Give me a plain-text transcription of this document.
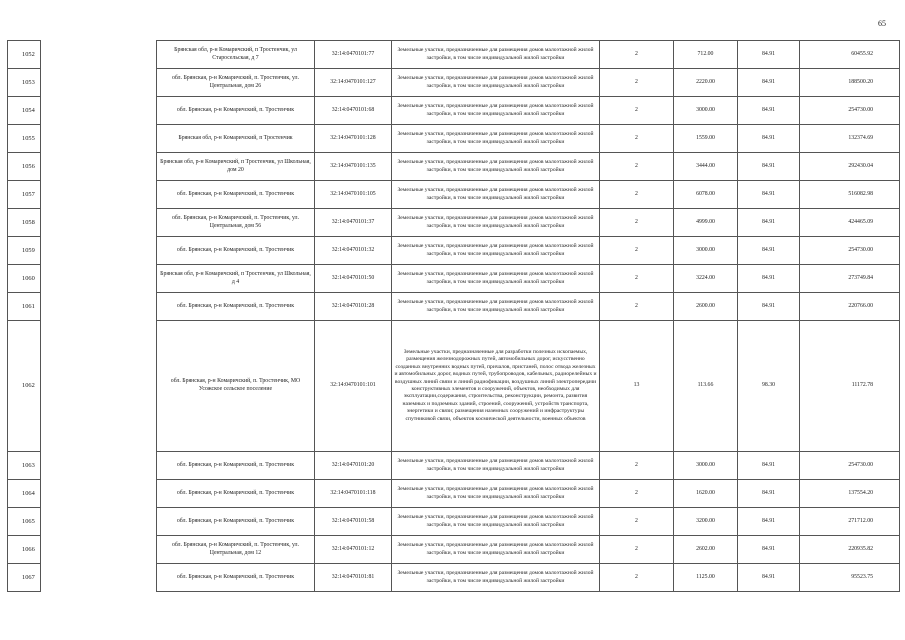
65
1052		Брянская обл, р-н Комаричский, п Тростенчик, ул Старосельская, д 7	32:14:0470101:77	Земельные участки, предназначенные для размещения домов малоэтажной жилой застройки, в том числе индивидуальной жилой застройки	2	712.00	84.91	60455.92
1053		обл. Брянская, р-н Комаричский, п. Тростенчик, ул. Центральная, дом 26	32:14:0470101:127	Земельные участки, предназначенные для размещения домов малоэтажной жилой застройки, в том числе индивидуальной жилой застройки	2	2220.00	84.91	188500.20
1054		обл. Брянская, р-н Комаричский, п. Тростенчик	32:14:0470101:68	Земельные участки, предназначенные для размещения домов малоэтажной жилой застройки, в том числе индивидуальной жилой застройки	2	3000.00	84.91	254730.00
1055		Брянская обл, р-н Комаричский, п Тростенчик	32:14:0470101:128	Земельные участки, предназначенные для размещения домов малоэтажной жилой застройки, в том числе индивидуальной жилой застройки	2	1559.00	84.91	132374.69
1056		Брянская обл, р-н Комаричский, п Тростенчик, ул Школьная, дом 20	32:14:0470101:135	Земельные участки, предназначенные для размещения домов малоэтажной жилой застройки, в том числе индивидуальной жилой застройки	2	3444.00	84.91	292430.04
1057		обл. Брянская, р-н Комаричский, п. Тростенчик	32:14:0470101:105	Земельные участки, предназначенные для размещения домов малоэтажной жилой застройки, в том числе индивидуальной жилой застройки	2	6078.00	84.91	516082.98
1058		обл. Брянская, р-н Комаричский, п. Тростенчик, ул. Центральная, дом 56	32:14:0470101:37	Земельные участки, предназначенные для размещения домов малоэтажной жилой застройки, в том числе индивидуальной жилой застройки	2	4999.00	84.91	424465.09
1059		обл. Брянская, р-н Комаричский, п. Тростенчик	32:14:0470101:32	Земельные участки, предназначенные для размещения домов малоэтажной жилой застройки, в том числе индивидуальной жилой застройки	2	3000.00	84.91	254730.00
1060		Брянская обл, р-н Комаричский, п Тростенчик, ул Школьная, д 4	32:14:0470101:50	Земельные участки, предназначенные для размещения домов малоэтажной жилой застройки, в том числе индивидуальной жилой застройки	2	3224.00	84.91	273749.84
1061		обл. Брянская, р-н Комаричский, п. Тростенчик	32:14:0470101:28	Земельные участки, предназначенные для размещения домов малоэтажной жилой застройки, в том числе индивидуальной жилой застройки	2	2600.00	84.91	220766.00
1062		обл. Брянская, р-н Комаричский, п. Тростенчик, МО Усожское сельское поселение	32:14:0470101:101	Земельные участки, предназначенные для разработки полезных ископаемых, размещения железнодорожных путей, автомобильных дорог, искусственно созданных внутренних водных путей, причалов, пристаней, полос отвода железных и автомобильных дорог, водных путей, трубопроводов, кабельных, радиорелейных и воздушных линий связи и линий радиофикации, воздушных линий электропередачи конструктивных элементов и сооружений, объектов, необходимых для эксплуатации,содержания, строительства, реконструкции, ремонта, развития наземных и подземных зданий, строений, сооружений, устройств транспорта, энергетики и связи; размещения наземных сооружений и инфраструктуры спутниковой связи, объектов космической деятельности, военных объектов	13	113.66	98.30	11172.78
1063		обл. Брянская, р-н Комаричский, п. Тростенчик	32:14:0470101:20	Земельные участки, предназначенные для размещения домов малоэтажной жилой застройки, в том числе индивидуальной жилой застройки	2	3000.00	84.91	254730.00
1064		обл. Брянская, р-н Комаричский, п. Тростенчик	32:14:0470101:118	Земельные участки, предназначенные для размещения домов малоэтажной жилой застройки, в том числе индивидуальной жилой застройки	2	1620.00	84.91	137554.20
1065		обл. Брянская, р-н Комаричский, п. Тростенчик	32:14:0470101:58	Земельные участки, предназначенные для размещения домов малоэтажной жилой застройки, в том числе индивидуальной жилой застройки	2	3200.00	84.91	271712.00
1066		обл. Брянская, р-н Комаричский, п. Тростенчик, ул. Центральная, дом 12	32:14:0470101:12	Земельные участки, предназначенные для размещения домов малоэтажной жилой застройки, в том числе индивидуальной жилой застройки	2	2602.00	84.91	220935.82
1067		обл. Брянская, р-н Комаричский, п. Тростенчик	32:14:0470101:81	Земельные участки, предназначенные для размещения домов малоэтажной жилой застройки, в том числе индивидуальной жилой застройки	2	1125.00	84.91	95523.75
